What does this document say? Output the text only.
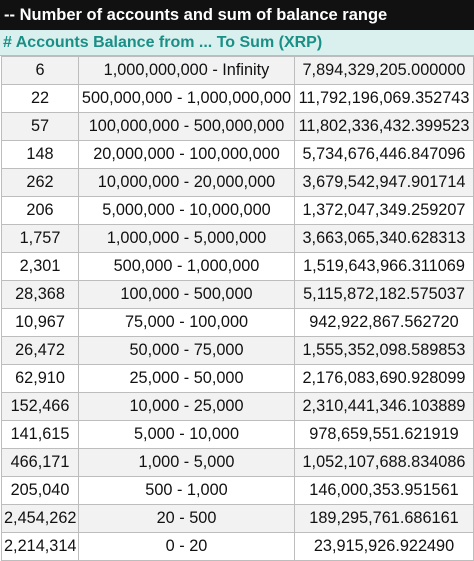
-- Number of accounts and sum of balance range
# Accounts Balance from ... To Sum (XRP)
6	1,000,000,000 - Infinity	7,894,329,205.000000
22	500,000,000 - 1,000,000,000	11,792,196,069.352743
57	100,000,000 - 500,000,000	11,802,336,432.399523
148	20,000,000 - 100,000,000	5,734,676,446.847096
262	10,000,000 - 20,000,000	3,679,542,947.901714
206	5,000,000 - 10,000,000	1,372,047,349.259207
1,757	1,000,000 - 5,000,000	3,663,065,340.628313
2,301	500,000 - 1,000,000	1,519,643,966.311069
28,368	100,000 - 500,000	5,115,872,182.575037
10,967	75,000 - 100,000	942,922,867.562720
26,472	50,000 - 75,000	1,555,352,098.589853
62,910	25,000 - 50,000	2,176,083,690.928099
152,466	10,000 - 25,000	2,310,441,346.103889
141,615	5,000 - 10,000	978,659,551.621919
466,171	1,000 - 5,000	1,052,107,688.834086
205,040	500 - 1,000	146,000,353.951561
2,454,262	20 - 500	189,295,761.686161
2,214,314	0 - 20	23,915,926.922490
